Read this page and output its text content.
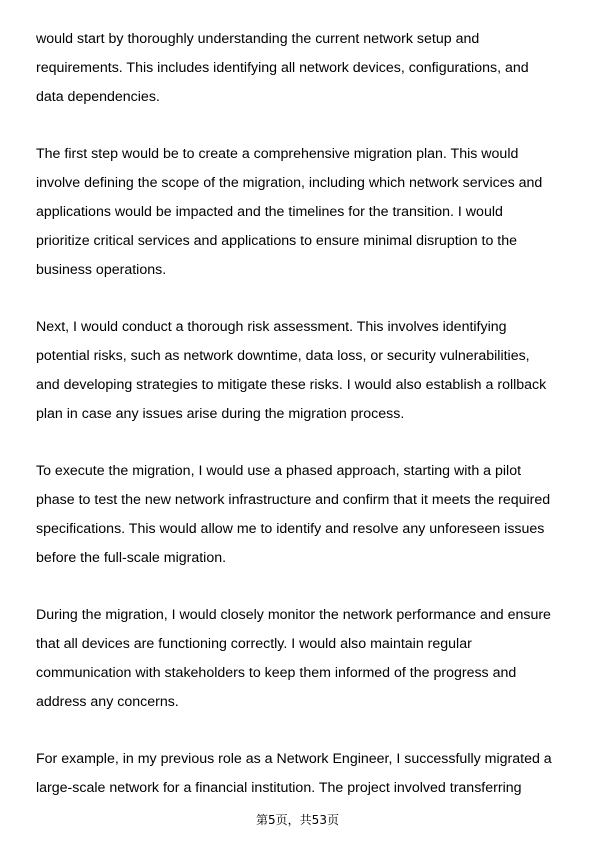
would start by thoroughly understanding the current network setup and
requirements. This includes identifying all network devices, configurations, and
data dependencies.
The first step would be to create a comprehensive migration plan. This would
involve defining the scope of the migration, including which network services and
applications would be impacted and the timelines for the transition. I would
prioritize critical services and applications to ensure minimal disruption to the
business operations.
Next, I would conduct a thorough risk assessment. This involves identifying
potential risks, such as network downtime, data loss, or security vulnerabilities,
and developing strategies to mitigate these risks. I would also establish a rollback
plan in case any issues arise during the migration process.
To execute the migration, I would use a phased approach, starting with a pilot
phase to test the new network infrastructure and confirm that it meets the required
specifications. This would allow me to identify and resolve any unforeseen issues
before the full-scale migration.
During the migration, I would closely monitor the network performance and ensure
that all devices are functioning correctly. I would also maintain regular
communication with stakeholders to keep them informed of the progress and
address any concerns.
For example, in my previous role as a Network Engineer, I successfully migrated a
large-scale network for a financial institution. The project involved transferring
第5页，共53页
